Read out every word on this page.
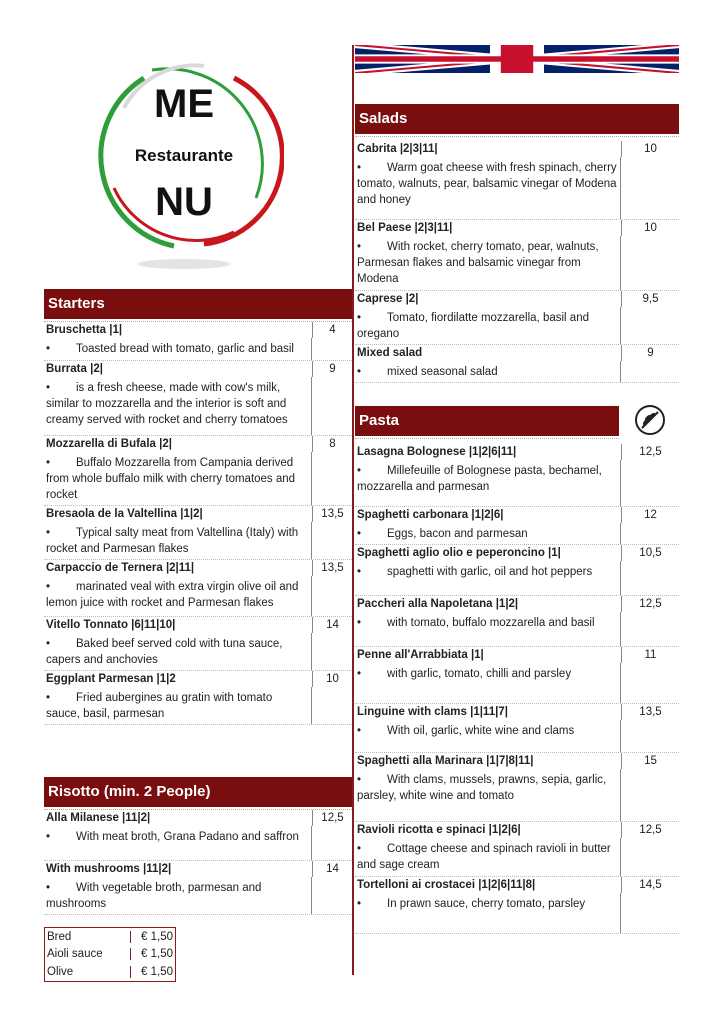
ME
Restaurante
NU
Starters
Bruschetta |1|	4
• Toasted bread with tomato, garlic and basil
Burrata |2|	9
• is a fresh cheese, made with cow's milk, similar to mozzarella and the interior is soft and creamy served with rocket and cherry tomatoes
Mozzarella di Bufala |2|	8
• Buffalo Mozzarella from Campania derived from whole buffalo milk with cherry tomatoes and rocket
Bresaola de la Valtellina |1|2|	13,5
• Typical salty meat from Valtellina (Italy) with rocket and Parmesan flakes
Carpaccio de Ternera |2|11|	13,5
• marinated veal with extra virgin olive oil and lemon juice with rocket and Parmesan flakes
Vitello Tonnato |6|11|10|	14
• Baked beef served cold with tuna sauce, capers and anchovies
Eggplant Parmesan |1|2	10
• Fried aubergines au gratin with tomato sauce, basil, parmesan
Risotto (min. 2 People)
Alla Milanese |11|2|	12,5
• With meat broth, Grana Padano and saffron
With mushrooms |11|2|	14
• With vegetable broth, parmesan and mushrooms
Bred	€ 1,50
Aioli sauce	€ 1,50
Olive	€ 1,50
Salads
Cabrita |2|3|11|	10
• Warm goat cheese with fresh spinach, cherry tomato, walnuts, pear, balsamic vinegar of Modena and honey
Bel Paese |2|3|11|	10
• With rocket, cherry tomato, pear, walnuts, Parmesan flakes and balsamic vinegar from Modena
Caprese |2|	9,5
• Tomato, fiordilatte mozzarella, basil and oregano
Mixed salad	9
• mixed seasonal salad
Pasta
Lasagna Bolognese |1|2|6|11|	12,5
• Millefeuille of Bolognese pasta, bechamel, mozzarella and parmesan
Spaghetti carbonara |1|2|6|	12
• Eggs, bacon and parmesan
Spaghetti aglio olio e peperoncino |1|	10,5
• spaghetti with garlic, oil and hot peppers
Paccheri alla Napoletana |1|2|	12,5
• with tomato, buffalo mozzarella and basil
Penne all'Arrabbiata |1|	11
• with garlic, tomato, chilli and parsley
Linguine with clams |1|11|7|	13,5
• With oil, garlic, white wine and clams
Spaghetti alla Marinara |1|7|8|11|	15
• With clams, mussels, prawns, sepia, garlic, parsley, white wine and tomato
Ravioli ricotta e spinaci |1|2|6|	12,5
• Cottage cheese and spinach ravioli in butter and sage cream
Tortelloni ai crostacei |1|2|6|11|8|	14,5
• In prawn sauce, cherry tomato, parsley
